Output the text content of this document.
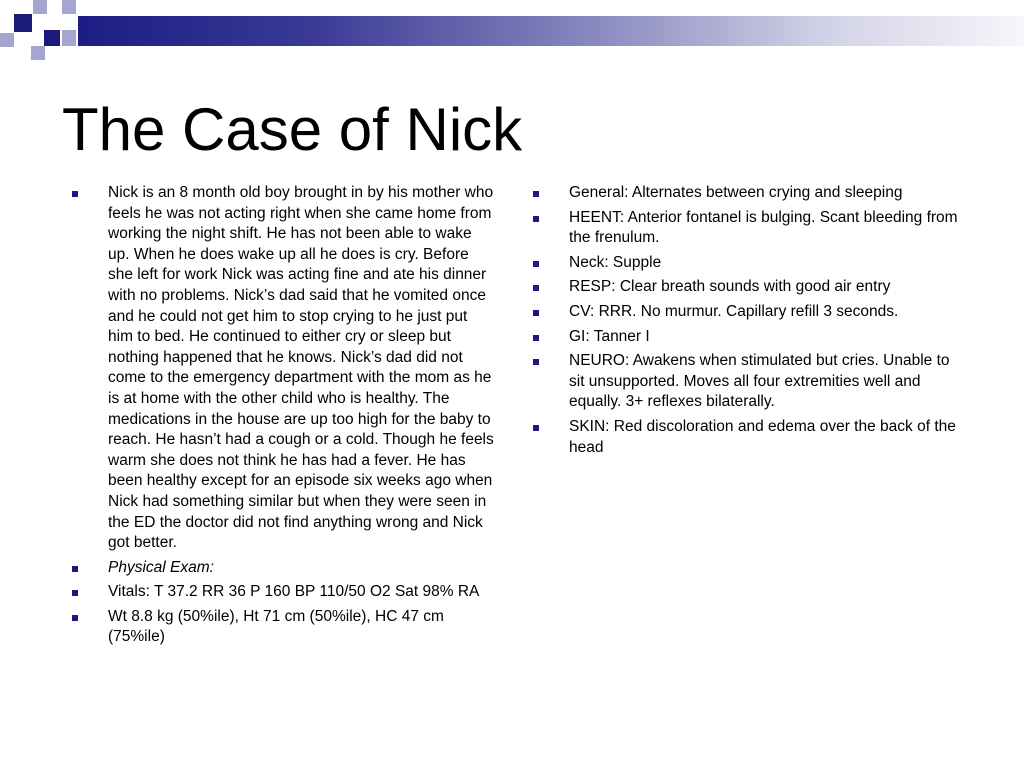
The Case of Nick
Nick is an 8 month old boy brought in by his mother who feels he was not acting right when she came home from working the night shift. He has not been able to wake up. When he does wake up all he does is cry. Before she left for work Nick was acting fine and ate his dinner with no problems. Nick’s dad said that he vomited once and he could not get him to stop crying to he just put him to bed. He continued to either cry or sleep but nothing happened that he knows. Nick’s dad did not come to the emergency department with the mom as he is at home with the other child who is healthy. The medications in the house are up too high for the baby to reach. He hasn’t had a cough or a cold. Though he feels warm she does not think he has had a fever. He has been healthy except for an episode six weeks ago when Nick had something similar but when they were seen in the ED the doctor did not find anything wrong and Nick got better.
Physical Exam:
Vitals: T 37.2 RR 36 P 160 BP 110/50 O2 Sat 98% RA
Wt 8.8 kg (50%ile), Ht 71 cm (50%ile), HC 47 cm (75%ile)
General: Alternates between crying and sleeping
HEENT: Anterior fontanel is bulging. Scant bleeding from the frenulum.
Neck: Supple
RESP: Clear breath sounds with good air entry
CV: RRR. No murmur. Capillary refill 3 seconds.
GI: Tanner I
NEURO: Awakens when stimulated but cries. Unable to sit unsupported. Moves all four extremities well and equally. 3+ reflexes bilaterally.
SKIN: Red discoloration and edema over the back of the head
